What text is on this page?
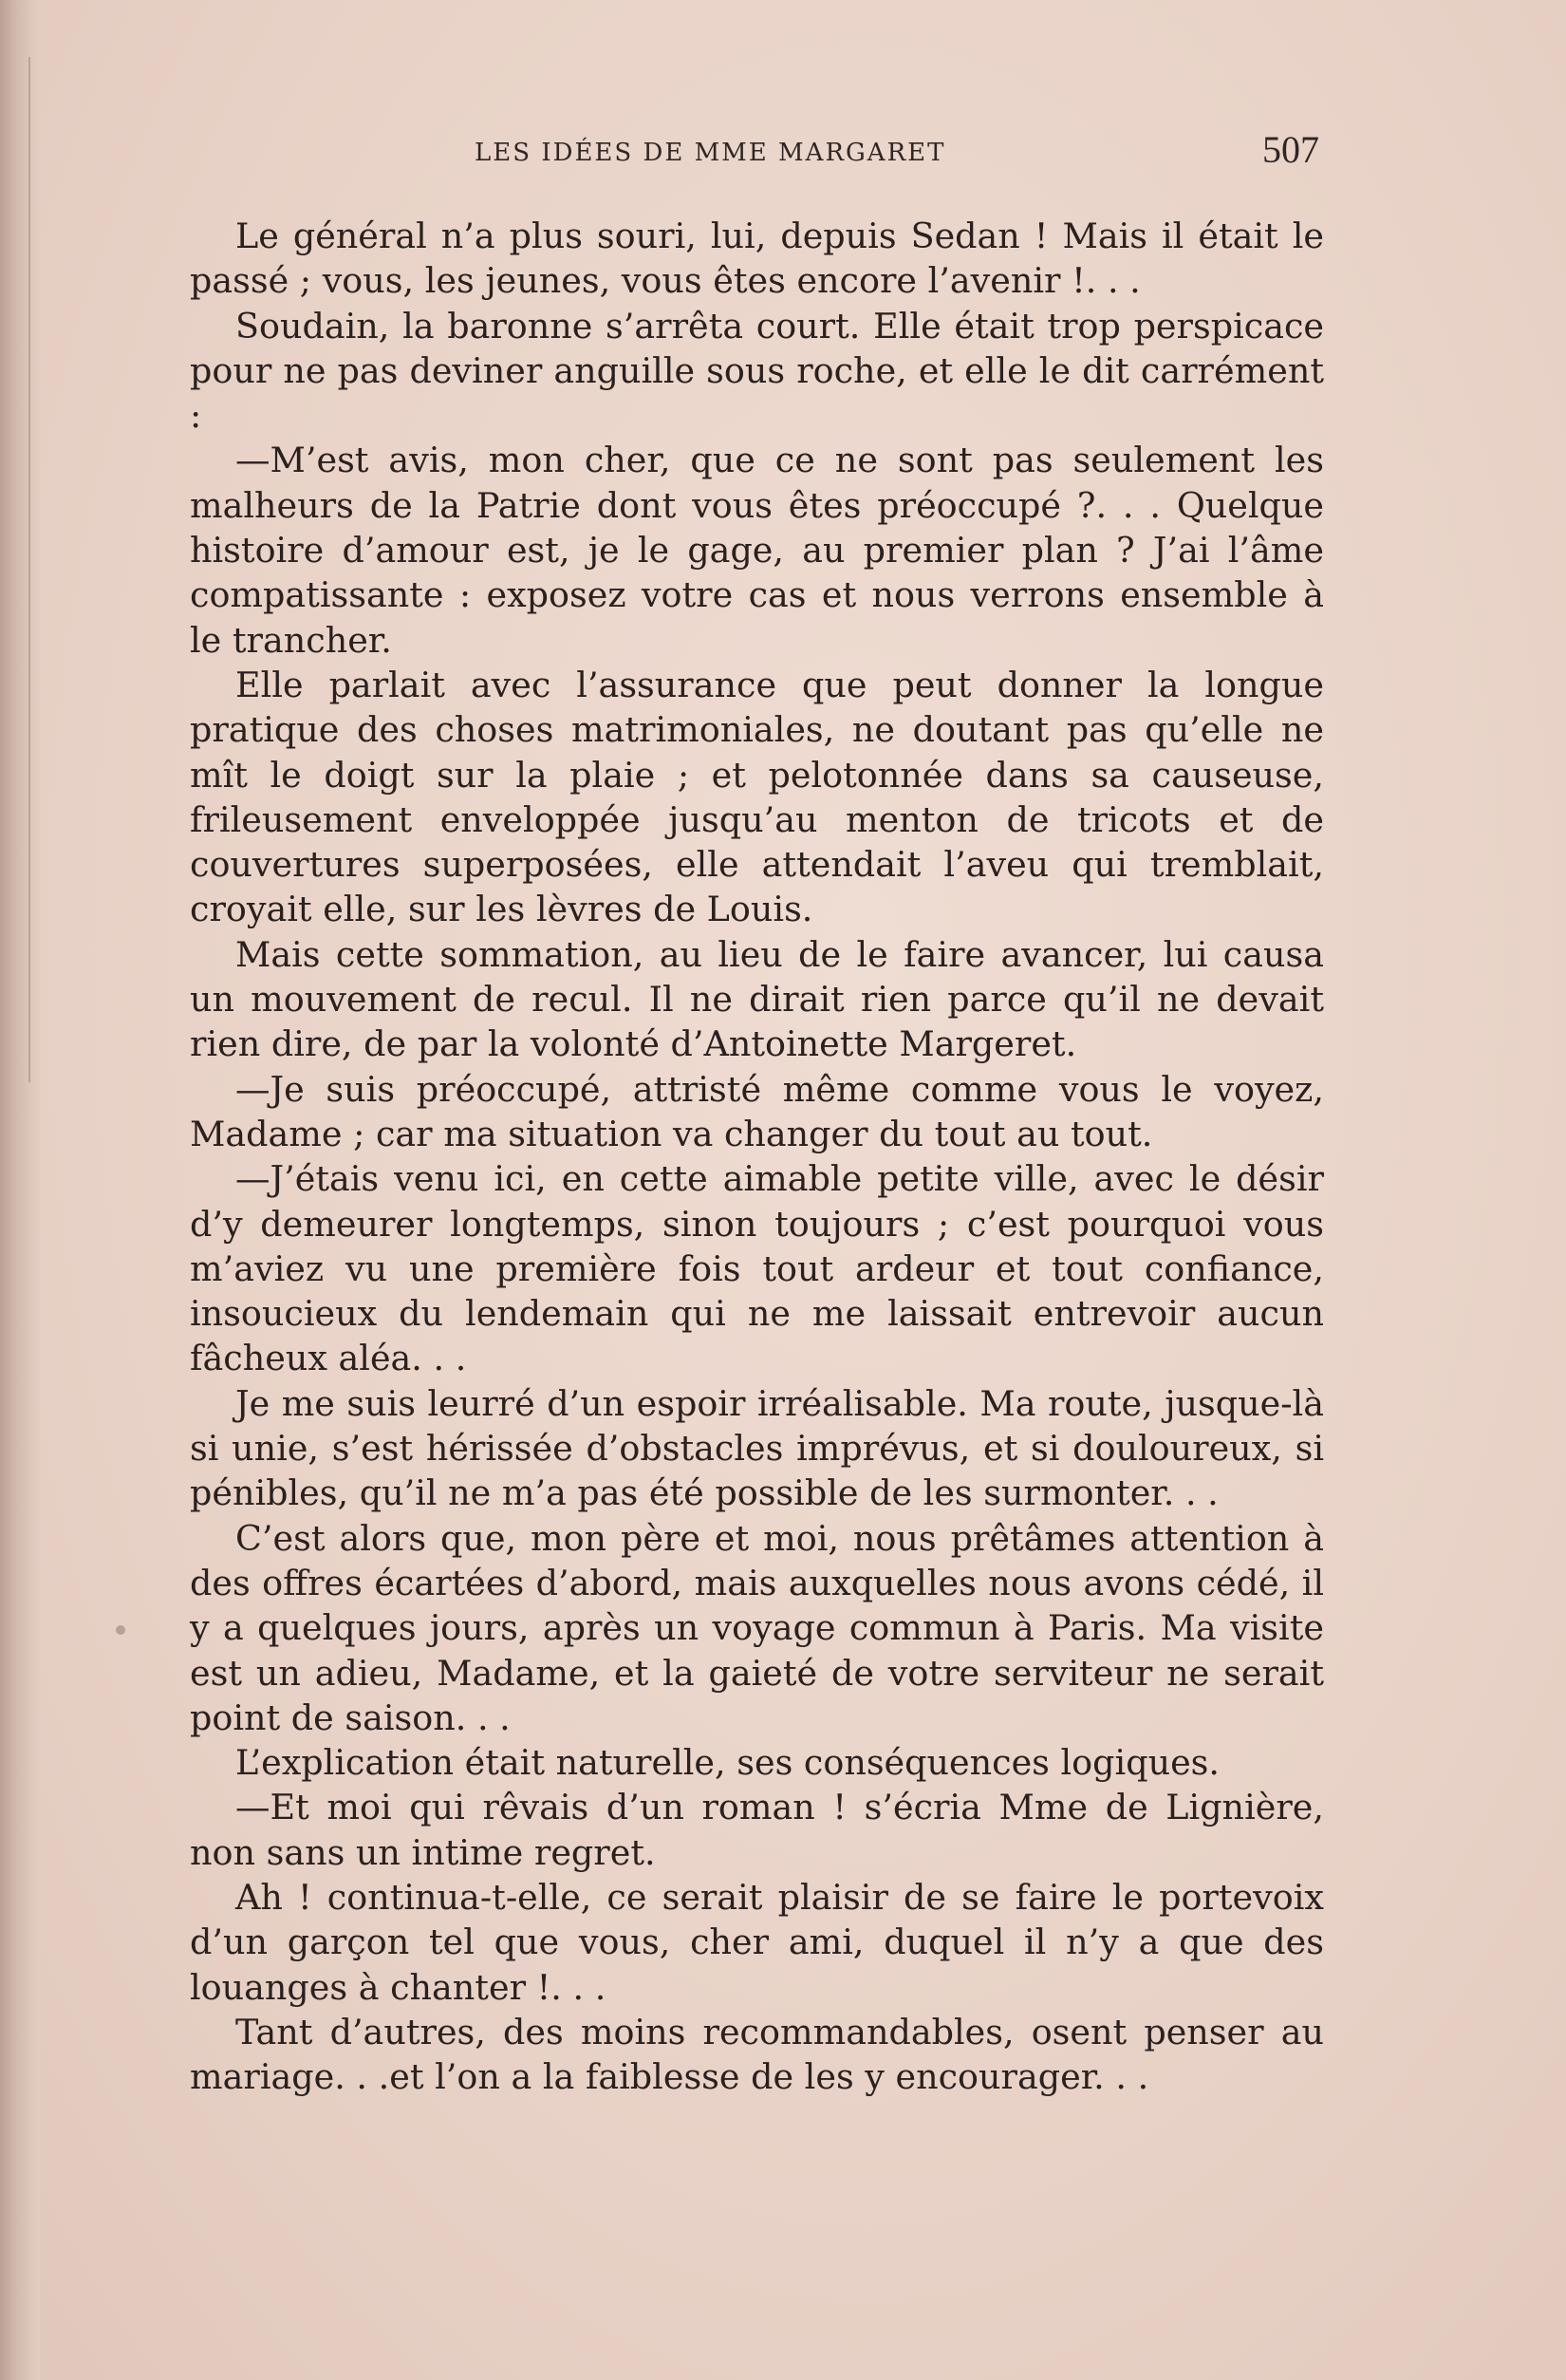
LES IDÉES DE MME MARGARET	507

Le général n’a plus souri, lui, depuis Sedan ! Mais il était le passé ; vous, les jeunes, vous êtes encore l’avenir !. . .

Soudain, la baronne s’arrêta court. Elle était trop perspicace pour ne pas deviner anguille sous roche, et elle le dit carrément :

—M’est avis, mon cher, que ce ne sont pas seulement les malheurs de la Patrie dont vous êtes préoccupé ?. . . Quelque histoire d’amour est, je le gage, au premier plan ? J’ai l’âme compatissante : exposez votre cas et nous verrons ensemble à le trancher.

Elle parlait avec l’assurance que peut donner la longue pratique des choses matrimoniales, ne doutant pas qu’elle ne mît le doigt sur la plaie ; et pelotonnée dans sa causeuse, frileusement enveloppée jusqu’au menton de tricots et de couvertures superposées, elle attendait l’aveu qui tremblait, croyait elle, sur les lèvres de Louis.

Mais cette sommation, au lieu de le faire avancer, lui causa un mouvement de recul. Il ne dirait rien parce qu’il ne devait rien dire, de par la volonté d’Antoinette Margeret.

—Je suis préoccupé, attristé même comme vous le voyez, Madame ; car ma situation va changer du tout au tout.

—J’étais venu ici, en cette aimable petite ville, avec le désir d’y demeurer longtemps, sinon toujours ; c’est pourquoi vous m’aviez vu une première fois tout ardeur et tout confiance, insoucieux du lendemain qui ne me laissait entrevoir aucun fâcheux aléa. . .

Je me suis leurré d’un espoir irréalisable. Ma route, jusque-là si unie, s’est hérissée d’obstacles imprévus, et si douloureux, si pénibles, qu’il ne m’a pas été possible de les surmonter. . .

C’est alors que, mon père et moi, nous prêtâmes attention à des offres écartées d’abord, mais auxquelles nous avons cédé, il y a quelques jours, après un voyage commun à Paris. Ma visite est un adieu, Madame, et la gaieté de votre serviteur ne serait point de saison. . .

L’explication était naturelle, ses conséquences logiques.

—Et moi qui rêvais d’un roman ! s’écria Mme de Lignière, non sans un intime regret.

Ah ! continua-t-elle, ce serait plaisir de se faire le portevoix d’un garçon tel que vous, cher ami, duquel il n’y a que des louanges à chanter !. . .

Tant d’autres, des moins recommandables, osent penser au mariage. . .et l’on a la faiblesse de les y encourager. . .
